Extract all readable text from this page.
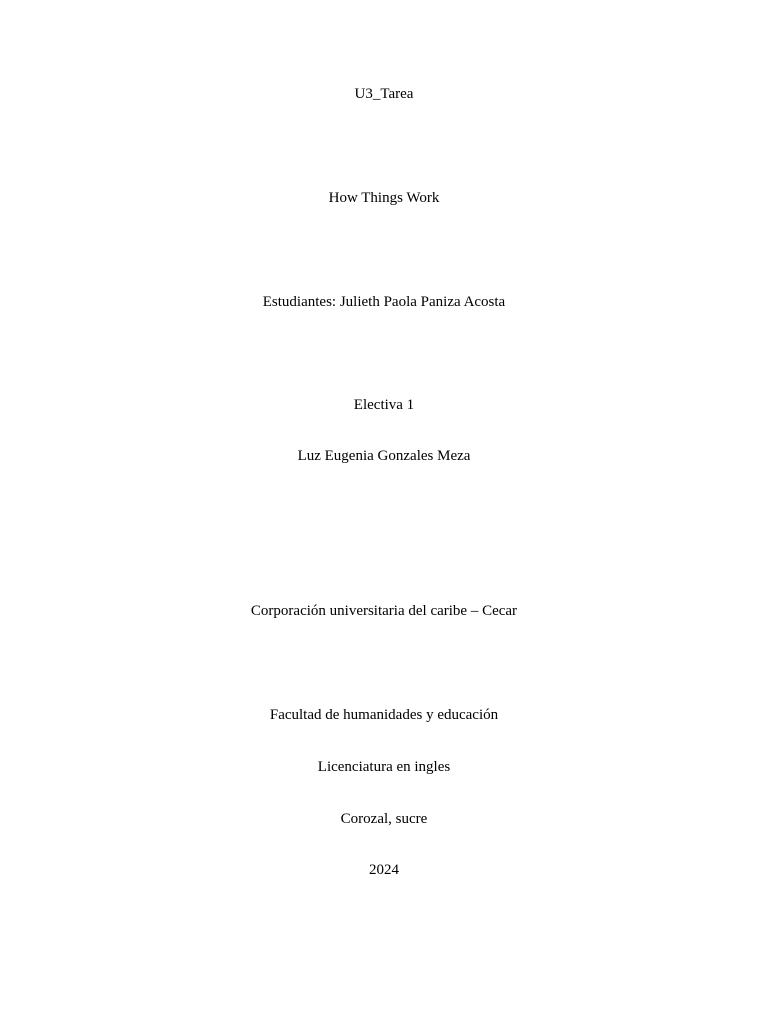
U3_Tarea
How Things Work
Estudiantes: Julieth Paola Paniza Acosta
Electiva 1
Luz Eugenia Gonzales Meza
Corporación universitaria del caribe – Cecar
Facultad de humanidades y educación
Licenciatura en ingles
Corozal, sucre
2024
